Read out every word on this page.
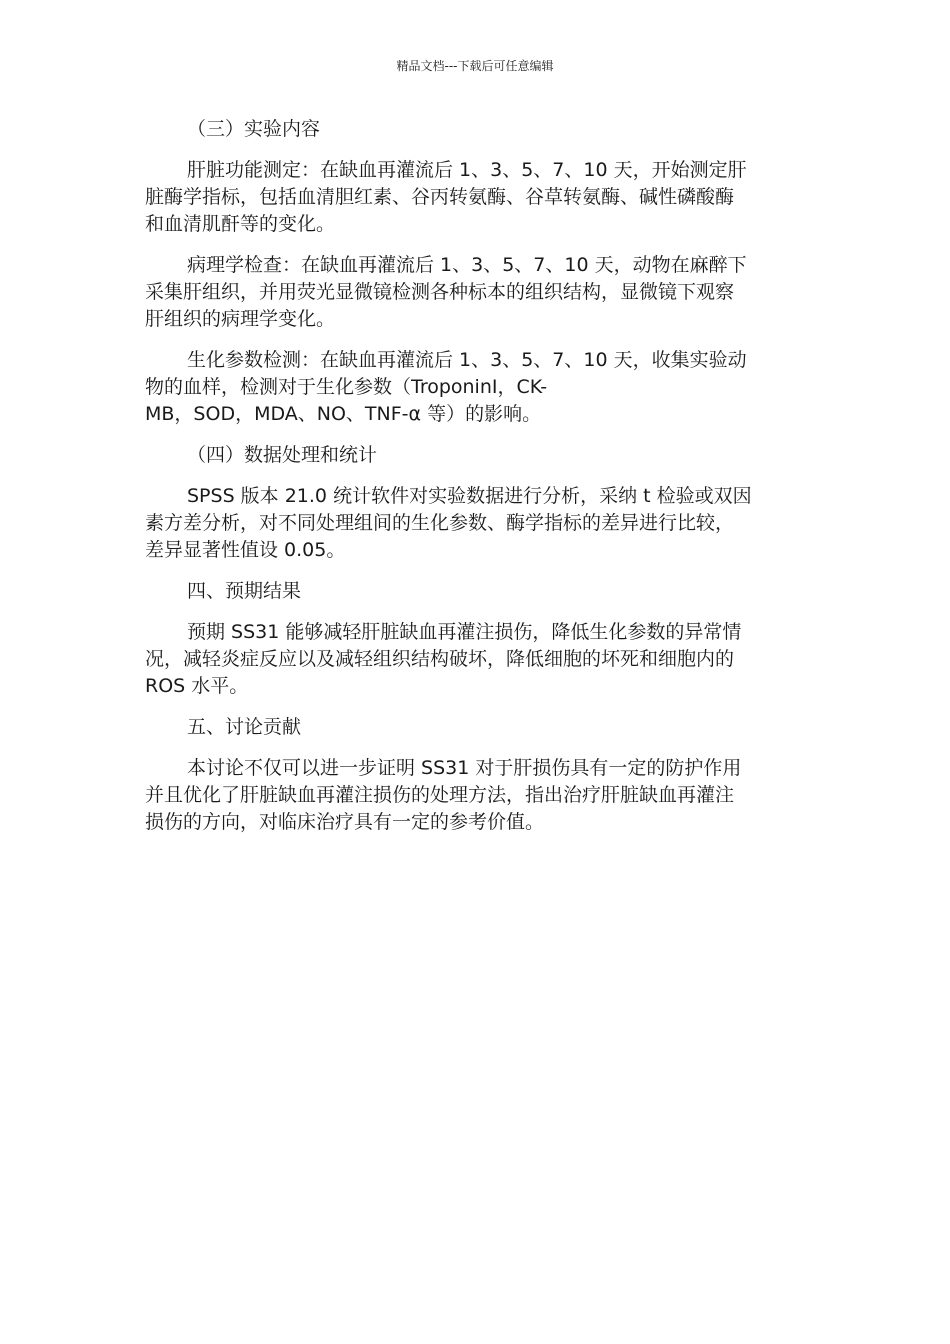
精品文档---下载后可任意编辑

（三）实验内容

肝脏功能测定：在缺血再灌流后 1、3、5、7、10 天，开始测定肝
脏酶学指标，包括血清胆红素、谷丙转氨酶、谷草转氨酶、碱性磷酸酶
和血清肌酐等的变化。

病理学检查：在缺血再灌流后 1、3、5、7、10 天，动物在麻醉下
采集肝组织，并用荧光显微镜检测各种标本的组织结构，显微镜下观察
肝组织的病理学变化。

生化参数检测：在缺血再灌流后 1、3、5、7、10 天，收集实验动
物的血样，检测对于生化参数（TroponinI，CK-
MB，SOD，MDA、NO、TNF-α 等）的影响。

（四）数据处理和统计

SPSS 版本 21.0 统计软件对实验数据进行分析，采纳 t 检验或双因
素方差分析，对不同处理组间的生化参数、酶学指标的差异进行比较，
差异显著性值设 0.05。

四、预期结果

预期 SS31 能够减轻肝脏缺血再灌注损伤，降低生化参数的异常情
况，减轻炎症反应以及减轻组织结构破坏，降低细胞的坏死和细胞内的
ROS 水平。

五、讨论贡献

本讨论不仅可以进一步证明 SS31 对于肝损伤具有一定的防护作用
并且优化了肝脏缺血再灌注损伤的处理方法，指出治疗肝脏缺血再灌注
损伤的方向，对临床治疗具有一定的参考价值。
